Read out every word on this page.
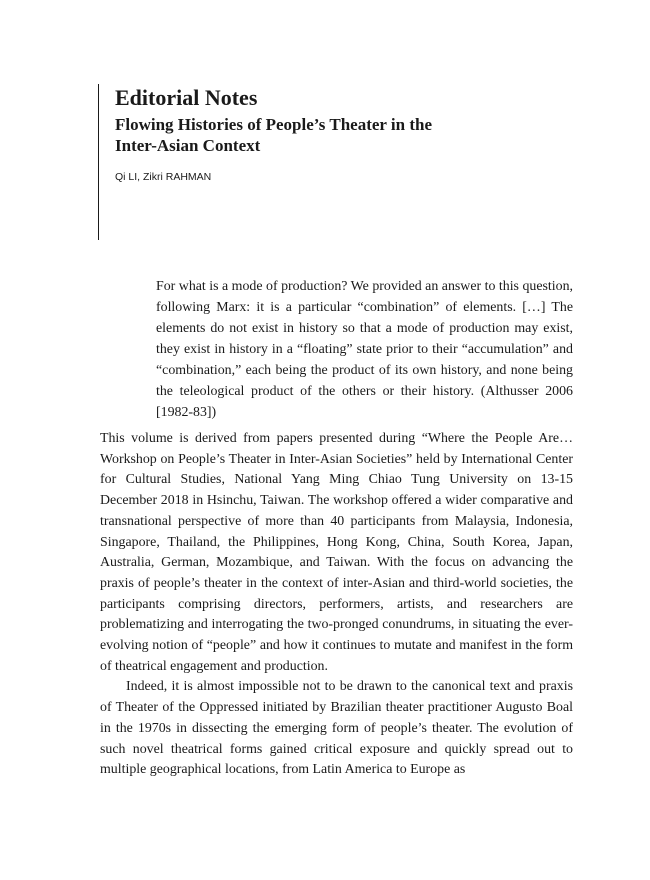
Editorial Notes
Flowing Histories of People’s Theater in the Inter-Asian Context
Qi LI, Zikri RAHMAN

For what is a mode of production? We provided an answer to this question, following Marx: it is a particular “combination” of elements. […] The elements do not exist in history so that a mode of production may exist, they exist in history in a “floating” state prior to their “accumulation” and “combination,” each being the product of its own history, and none being the teleological product of the others or their history. (Althusser 2006 [1982-83])

This volume is derived from papers presented during “Where the People Are… Workshop on People’s Theater in Inter-Asian Societies” held by International Center for Cultural Studies, National Yang Ming Chiao Tung University on 13-15 December 2018 in Hsinchu, Taiwan. The workshop offered a wider comparative and transnational perspective of more than 40 participants from Malaysia, Indonesia, Singapore, Thailand, the Philippines, Hong Kong, China, South Korea, Japan, Australia, German, Mozambique, and Taiwan. With the focus on advancing the praxis of people’s theater in the context of inter-Asian and third-world societies, the participants comprising directors, performers, artists, and researchers are problematizing and interrogating the two-pronged conundrums, in situating the ever-evolving notion of “people” and how it continues to mutate and manifest in the form of theatrical engagement and production.

Indeed, it is almost impossible not to be drawn to the canonical text and praxis of Theater of the Oppressed initiated by Brazilian theater practitioner Augusto Boal in the 1970s in dissecting the emerging form of people’s theater. The evolution of such novel theatrical forms gained critical exposure and quickly spread out to multiple geographical locations, from Latin America to Europe as
